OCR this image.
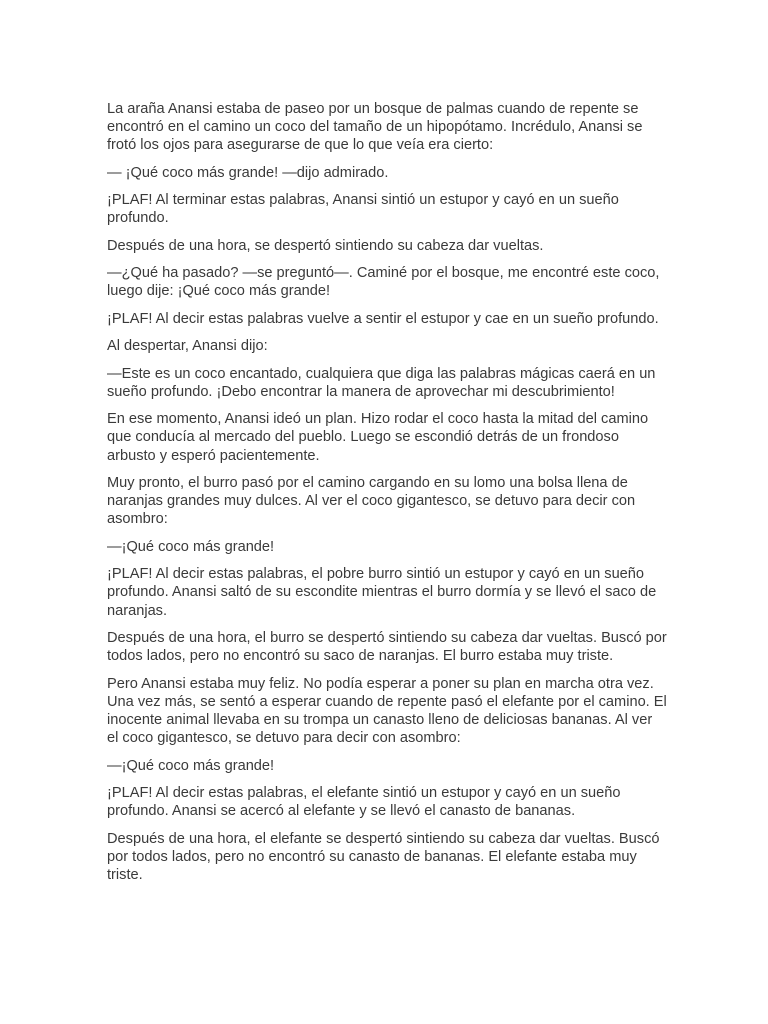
La araña Anansi estaba de paseo por un bosque de palmas cuando de repente se encontró en el camino un coco del tamaño de un hipopótamo. Incrédulo, Anansi se frotó los ojos para asegurarse de que lo que veía era cierto:

— ¡Qué coco más grande! —dijo admirado.

¡PLAF! Al terminar estas palabras, Anansi sintió un estupor y cayó en un sueño profundo.

Después de una hora, se despertó sintiendo su cabeza dar vueltas.

—¿Qué ha pasado? —se preguntó—. Caminé por el bosque, me encontré este coco, luego dije: ¡Qué coco más grande!

¡PLAF! Al decir estas palabras vuelve a sentir el estupor y cae en un sueño profundo.

Al despertar, Anansi dijo:

—Este es un coco encantado, cualquiera que diga las palabras mágicas caerá en un sueño profundo. ¡Debo encontrar la manera de aprovechar mi descubrimiento!

En ese momento, Anansi ideó un plan. Hizo rodar el coco hasta la mitad del camino que conducía al mercado del pueblo. Luego se escondió detrás de un frondoso arbusto y esperó pacientemente.

Muy pronto, el burro pasó por el camino cargando en su lomo una bolsa llena de naranjas grandes muy dulces. Al ver el coco gigantesco, se detuvo para decir con asombro:

—¡Qué coco más grande!

¡PLAF! Al decir estas palabras, el pobre burro sintió un estupor y cayó en un sueño profundo. Anansi saltó de su escondite mientras el burro dormía y se llevó el saco de naranjas.

Después de una hora, el burro se despertó sintiendo su cabeza dar vueltas. Buscó por todos lados, pero no encontró su saco de naranjas. El burro estaba muy triste.

Pero Anansi estaba muy feliz. No podía esperar a poner su plan en marcha otra vez. Una vez más, se sentó a esperar cuando de repente pasó el elefante por el camino. El inocente animal llevaba en su trompa un canasto lleno de deliciosas bananas. Al ver el coco gigantesco, se detuvo para decir con asombro:

—¡Qué coco más grande!

¡PLAF! Al decir estas palabras, el elefante sintió un estupor y cayó en un sueño profundo. Anansi se acercó al elefante y se llevó el canasto de bananas.

Después de una hora, el elefante se despertó sintiendo su cabeza dar vueltas. Buscó por todos lados, pero no encontró su canasto de bananas. El elefante estaba muy triste.
